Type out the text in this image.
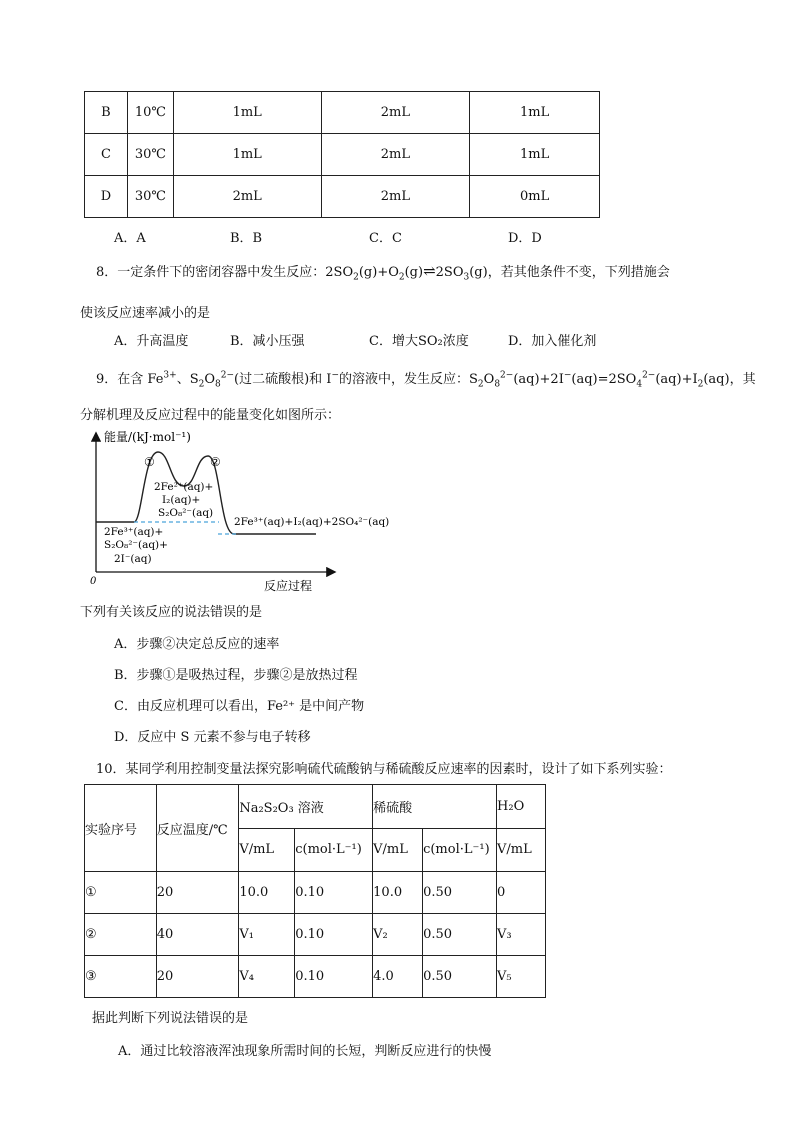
B	10℃	1mL	2mL	1mL
C	30℃	1mL	2mL	1mL
D	30℃	2mL	2mL	0mL
A．A	B．B	C．C	D．D
8．一定条件下的密闭容器中发生反应：$2SO_2(g)+O_2(g)\rightleftharpoons 2SO_3(g)$，若其他条件不变，下列措施会
使该反应速率减小的是
A．升高温度	B．减小压强	C．增大SO₂浓度	D．加入催化剂
9．在含 $Fe^{3+}$、$S_2O_8^{2-}$(过二硫酸根)和 I−的溶液中，发生反应：$S_2O_8^{2-}(aq)+2I^-(aq)=2SO_4^{2-}(aq)+I_2(aq)$，其
分解机理及反应过程中的能量变化如图所示：
能量/(kJ·mol⁻¹)
反应过程
0
①	②
2Fe²⁺(aq)+
I₂(aq)+
S₂O₈²⁻(aq)
2Fe³⁺(aq)+
S₂O₈²⁻(aq)+
2I⁻(aq)
2Fe³⁺(aq)+I₂(aq)+2SO₄²⁻(aq)
下列有关该反应的说法错误的是
A．步骤②决定总反应的速率
B．步骤①是吸热过程，步骤②是放热过程
C．由反应机理可以看出，Fe²⁺ 是中间产物
D．反应中 S 元素不参与电子转移
10．某同学利用控制变量法探究影响硫代硫酸钠与稀硫酸反应速率的因素时，设计了如下系列实验：
实验序号	反应温度/℃	Na₂S₂O₃ 溶液		稀硫酸		H₂O
		V/mL	c(mol·L⁻¹)	V/mL	c(mol·L⁻¹)	V/mL
①	20	10.0	0.10	10.0	0.50	0
②	40	V₁	0.10	V₂	0.50	V₃
③	20	V₄	0.10	4.0	0.50	V₅
据此判断下列说法错误的是
A．通过比较溶液浑浊现象所需时间的长短，判断反应进行的快慢
